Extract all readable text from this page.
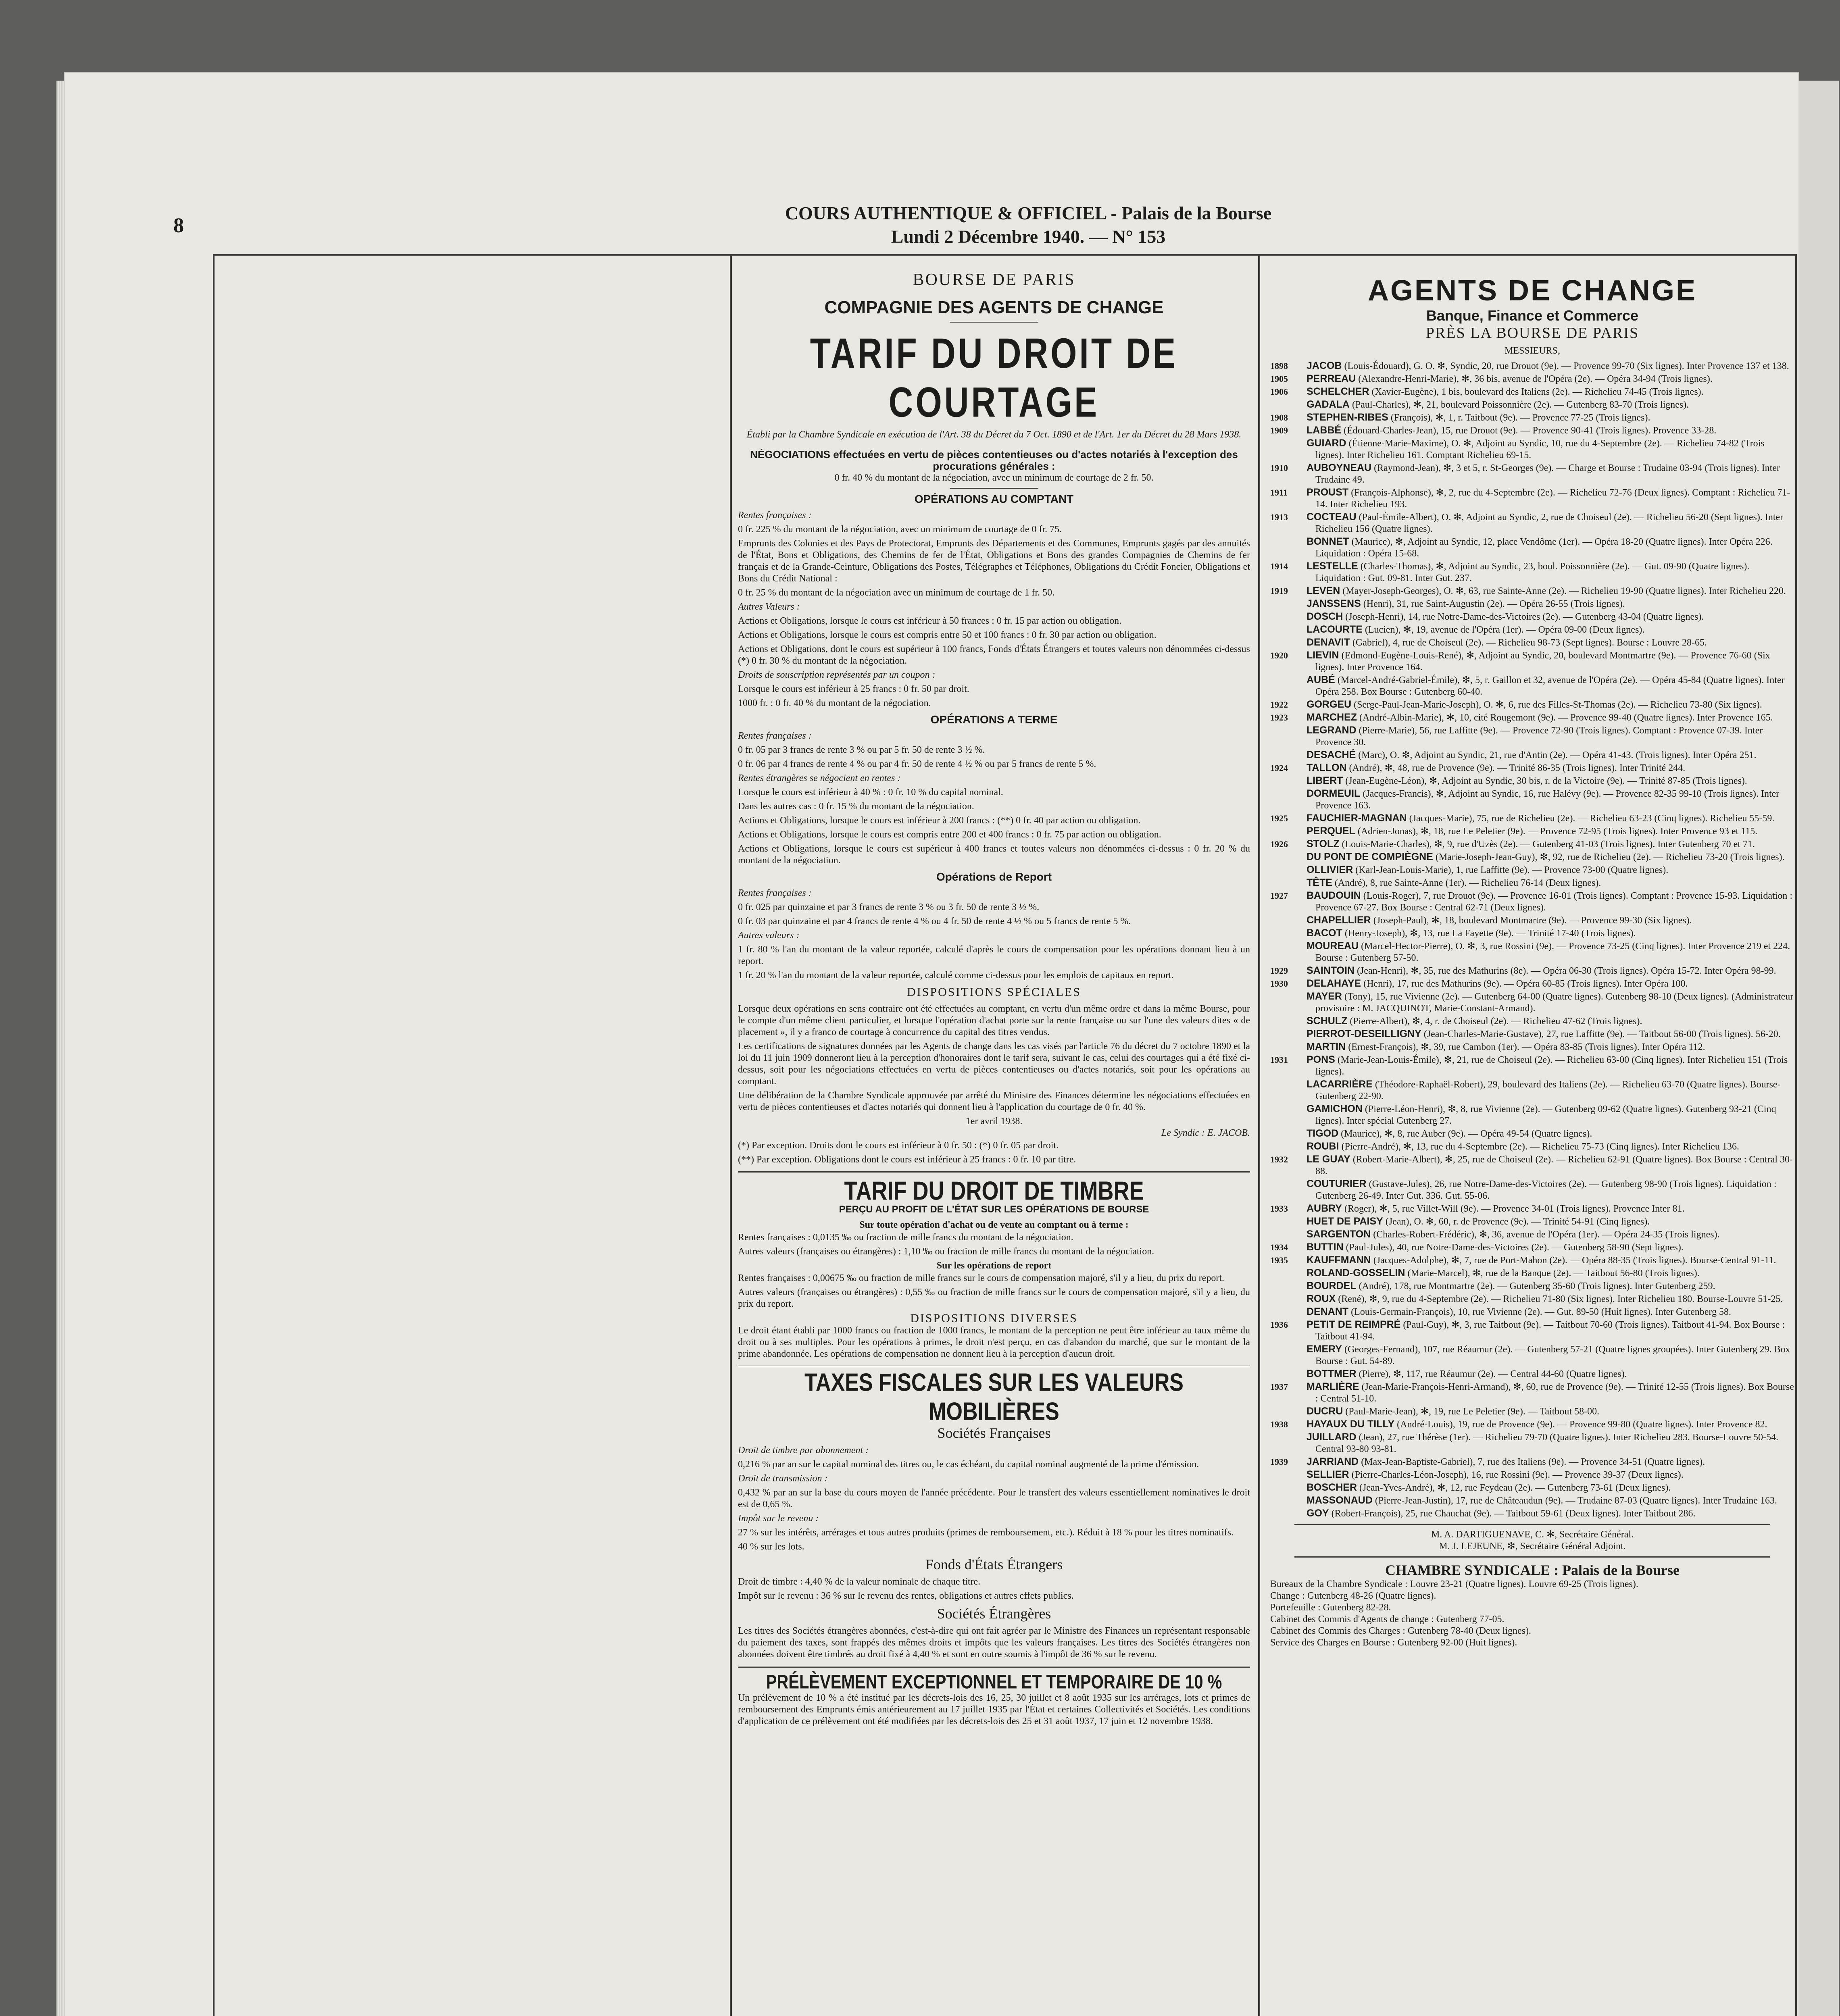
8
COURS AUTHENTIQUE & OFFICIEL - Palais de la Bourse
Lundi 2 Décembre 1940. — N° 153
BOURSE DE PARIS
COMPAGNIE DES AGENTS DE CHANGE
TARIF DU DROIT DE COURTAGE
Établi par la Chambre Syndicale en exécution de l'Art. 38 du Décret du 7 Oct. 1890 et de l'Art. 1er du Décret du 28 Mars 1938.
NÉGOCIATIONS effectuées en vertu de pièces contentieuses ou d'actes notariés à l'exception des procurations générales :
0 fr. 40 % du montant de la négociation, avec un minimum de courtage de 2 fr. 50.
OPÉRATIONS AU COMPTANT
Rentes françaises :
0 fr. 225 % du montant de la négociation, avec un minimum de courtage de 0 fr. 75.
Emprunts des Colonies et des Pays de Protectorat, Emprunts des Départements et des Communes, Emprunts gagés par des annuités de l'État, Bons et Obligations, des Chemins de fer de l'État, Obligations et Bons des grandes Compagnies de Chemins de fer français et de la Grande-Ceinture, Obligations des Postes, Télégraphes et Téléphones, Obligations du Crédit Foncier, Obligations et Bons du Crédit National :
0 fr. 25 % du montant de la négociation avec un minimum de courtage de 1 fr. 50.
Autres Valeurs :
Actions et Obligations, lorsque le cours est inférieur à 50 frances : 0 fr. 15 par action ou obligation.
Actions et Obligations, lorsque le cours est compris entre 50 et 100 francs : 0 fr. 30 par action ou obligation.
Actions et Obligations, dont le cours est supérieur à 100 francs, Fonds d'États Étrangers et toutes valeurs non dénommées ci-dessus (*) 0 fr. 30 % du montant de la négociation.
Droits de souscription représentés par un coupon :
Lorsque le cours est inférieur à 25 francs : 0 fr. 50 par droit.
1000 fr. : 0 fr. 40 % du montant de la négociation.
OPÉRATIONS A TERME
Rentes françaises :
0 fr. 05 par 3 francs de rente 3 % ou par 5 fr. 50 de rente 3 ½ %.
0 fr. 06 par 4 francs de rente 4 % ou par 4 fr. 50 de rente 4 ½ % ou par 5 francs de rente 5 %.
Rentes étrangères se négocient en rentes :
Lorsque le cours est inférieur à 40 % : 0 fr. 10 % du capital nominal.
Dans les autres cas : 0 fr. 15 % du montant de la négociation.
Actions et Obligations, lorsque le cours est inférieur à 200 francs : (**) 0 fr. 40 par action ou obligation.
Actions et Obligations, lorsque le cours est compris entre 200 et 400 francs : 0 fr. 75 par action ou obligation.
Actions et Obligations, lorsque le cours est supérieur à 400 francs et toutes valeurs non dénommées ci-dessus : 0 fr. 20 % du montant de la négociation.
Opérations de Report
Rentes françaises :
0 fr. 025 par quinzaine et par 3 francs de rente 3 % ou 3 fr. 50 de rente 3 ½ %.
0 fr. 03 par quinzaine et par 4 francs de rente 4 % ou 4 fr. 50 de rente 4 ½ % ou 5 francs de rente 5 %.
Autres valeurs :
1 fr. 80 % l'an du montant de la valeur reportée, calculé d'après le cours de compensation pour les opérations donnant lieu à un report.
1 fr. 20 % l'an du montant de la valeur reportée, calculé comme ci-dessus pour les emplois de capitaux en report.
DISPOSITIONS SPÉCIALES
Lorsque deux opérations en sens contraire ont été effectuées au comptant, en vertu d'un même ordre et dans la même Bourse, pour le compte d'un même client particulier, et lorsque l'opération d'achat porte sur la rente française ou sur l'une des valeurs dites « de placement », il y a franco de courtage à concurrence du capital des titres vendus.
Les certifications de signatures données par les Agents de change dans les cas visés par l'article 76 du décret du 7 octobre 1890 et la loi du 11 juin 1909 donneront lieu à la perception d'honoraires dont le tarif sera, suivant le cas, celui des courtages qui a été fixé ci-dessus, soit pour les négociations effectuées en vertu de pièces contentieuses ou d'actes notariés, soit pour les opérations au comptant.
Une délibération de la Chambre Syndicale approuvée par arrêté du Ministre des Finances détermine les négociations effectuées en vertu de pièces contentieuses et d'actes notariés qui donnent lieu à l'application du courtage de 0 fr. 40 %.
1er avril 1938.
Le Syndic : E. JACOB.
(*) Par exception. Droits dont le cours est inférieur à 0 fr. 50 : (*) 0 fr. 05 par droit.
(**) Par exception. Obligations dont le cours est inférieur à 25 francs : 0 fr. 10 par titre.
TARIF DU DROIT DE TIMBRE
PERÇU AU PROFIT DE L'ÉTAT SUR LES OPÉRATIONS DE BOURSE
Sur toute opération d'achat ou de vente au comptant ou à terme :
Rentes françaises : 0,0135 ‰ ou fraction de mille francs du montant de la négociation.
Autres valeurs (françaises ou étrangères) : 1,10 ‰ ou fraction de mille francs du montant de la négociation.
Sur les opérations de report
Rentes françaises : 0,00675 ‰ ou fraction de mille francs sur le cours de compensation majoré, s'il y a lieu, du prix du report.
Autres valeurs (françaises ou étrangères) : 0,55 ‰ ou fraction de mille francs sur le cours de compensation majoré, s'il y a lieu, du prix du report.
DISPOSITIONS DIVERSES
Le droit étant établi par 1000 francs ou fraction de 1000 francs, le montant de la perception ne peut être inférieur au taux même du droit ou à ses multiples. Pour les opérations à primes, le droit n'est perçu, en cas d'abandon du marché, que sur le montant de la prime abandonnée. Les opérations de compensation ne donnent lieu à la perception d'aucun droit.
TAXES FISCALES SUR LES VALEURS MOBILIÈRES
Sociétés Françaises
Droit de timbre par abonnement :
0,216 % par an sur le capital nominal des titres ou, le cas échéant, du capital nominal augmenté de la prime d'émission.
Droit de transmission :
0,432 % par an sur la base du cours moyen de l'année précédente. Pour le transfert des valeurs essentiellement nominatives le droit est de 0,65 %.
Impôt sur le revenu :
27 % sur les intérêts, arrérages et tous autres produits (primes de remboursement, etc.). Réduit à 18 % pour les titres nominatifs.
40 % sur les lots.
Fonds d'États Étrangers
Droit de timbre : 4,40 % de la valeur nominale de chaque titre.
Impôt sur le revenu : 36 % sur le revenu des rentes, obligations et autres effets publics.
Sociétés Étrangères
Les titres des Sociétés étrangères abonnées, c'est-à-dire qui ont fait agréer par le Ministre des Finances un représentant responsable du paiement des taxes, sont frappés des mêmes droits et impôts que les valeurs françaises. Les titres des Sociétés étrangères non abonnées doivent être timbrés au droit fixé à 4,40 % et sont en outre soumis à l'impôt de 36 % sur le revenu.
PRÉLÈVEMENT EXCEPTIONNEL ET TEMPORAIRE DE 10 %
Un prélèvement de 10 % a été institué par les décrets-lois des 16, 25, 30 juillet et 8 août 1935 sur les arrérages, lots et primes de remboursement des Emprunts émis antérieurement au 17 juillet 1935 par l'État et certaines Collectivités et Sociétés. Les conditions d'application de ce prélèvement ont été modifiées par les décrets-lois des 25 et 31 août 1937, 17 juin et 12 novembre 1938.
AGENTS DE CHANGE
Banque, Finance et Commerce
PRÈS LA BOURSE DE PARIS
MESSIEURS,
1898 JACOB (Louis-Édouard), G. O. ✻, Syndic, 20, rue Drouot (9e). — Provence 99-70 (Six lignes). Inter Provence 137 et 138.
1905 PERREAU (Alexandre-Henri-Marie), ✻, 36 bis, avenue de l'Opéra (2e). — Opéra 34-94 (Trois lignes).
1906 SCHELCHER (Xavier-Eugène), 1 bis, boulevard des Italiens (2e). — Richelieu 74-45 (Trois lignes).
GADALA (Paul-Charles), ✻, 21, boulevard Poissonnière (2e). — Gutenberg 83-70 (Trois lignes).
1908 STEPHEN-RIBES (François), ✻, 1, r. Taitbout (9e). — Provence 77-25 (Trois lignes).
1909 LABBÉ (Édouard-Charles-Jean), 15, rue Drouot (9e). — Provence 90-41 (Trois lignes). Provence 33-28.
GUIARD (Étienne-Marie-Maxime), O. ✻, Adjoint au Syndic, 10, rue du 4-Septembre (2e). — Richelieu 74-82 (Trois lignes). Inter Richelieu 161. Comptant Richelieu 69-15.
1910 AUBOYNEAU (Raymond-Jean), ✻, 3 et 5, r. St-Georges (9e). — Charge et Bourse : Trudaine 03-94 (Trois lignes). Inter Trudaine 49.
1911 PROUST (François-Alphonse), ✻, 2, rue du 4-Septembre (2e). — Richelieu 72-76 (Deux lignes). Comptant : Richelieu 71-14. Inter Richelieu 193.
1913 COCTEAU (Paul-Émile-Albert), O. ✻, Adjoint au Syndic, 2, rue de Choiseul (2e). — Richelieu 56-20 (Sept lignes). Inter Richelieu 156 (Quatre lignes).
BONNET (Maurice), ✻, Adjoint au Syndic, 12, place Vendôme (1er). — Opéra 18-20 (Quatre lignes). Inter Opéra 226. Liquidation : Opéra 15-68.
1914 LESTELLE (Charles-Thomas), ✻, Adjoint au Syndic, 23, boul. Poissonnière (2e). — Gut. 09-90 (Quatre lignes). Liquidation : Gut. 09-81. Inter Gut. 237.
1919 LEVEN (Mayer-Joseph-Georges), O. ✻, 63, rue Sainte-Anne (2e). — Richelieu 19-90 (Quatre lignes). Inter Richelieu 220.
JANSSENS (Henri), 31, rue Saint-Augustin (2e). — Opéra 26-55 (Trois lignes).
DOSCH (Joseph-Henri), 14, rue Notre-Dame-des-Victoires (2e). — Gutenberg 43-04 (Quatre lignes).
LACOURTE (Lucien), ✻, 19, avenue de l'Opéra (1er). — Opéra 09-00 (Deux lignes).
DENAVIT (Gabriel), 4, rue de Choiseul (2e). — Richelieu 98-73 (Sept lignes). Bourse : Louvre 28-65.
1920 LIEVIN (Edmond-Eugène-Louis-René), ✻, Adjoint au Syndic, 20, boulevard Montmartre (9e). — Provence 76-60 (Six lignes). Inter Provence 164.
AUBÉ (Marcel-André-Gabriel-Émile), ✻, 5, r. Gaillon et 32, avenue de l'Opéra (2e). — Opéra 45-84 (Quatre lignes). Inter Opéra 258. Box Bourse : Gutenberg 60-40.
1922 GORGEU (Serge-Paul-Jean-Marie-Joseph), O. ✻, 6, rue des Filles-St-Thomas (2e). — Richelieu 73-80 (Six lignes).
1923 MARCHEZ (André-Albin-Marie), ✻, 10, cité Rougemont (9e). — Provence 99-40 (Quatre lignes). Inter Provence 165.
LEGRAND (Pierre-Marie), 56, rue Laffitte (9e). — Provence 72-90 (Trois lignes). Comptant : Provence 07-39. Inter Provence 30.
DESACHÉ (Marc), O. ✻, Adjoint au Syndic, 21, rue d'Antin (2e). — Opéra 41-43. (Trois lignes). Inter Opéra 251.
1924 TALLON (André), ✻, 48, rue de Provence (9e). — Trinité 86-35 (Trois lignes). Inter Trinité 244.
LIBERT (Jean-Eugène-Léon), ✻, Adjoint au Syndic, 30 bis, r. de la Victoire (9e). — Trinité 87-85 (Trois lignes).
DORMEUIL (Jacques-Francis), ✻, Adjoint au Syndic, 16, rue Halévy (9e). — Provence 82-35 99-10 (Trois lignes). Inter Provence 163.
1925 FAUCHIER-MAGNAN (Jacques-Marie), 75, rue de Richelieu (2e). — Richelieu 63-23 (Cinq lignes). Richelieu 55-59.
PERQUEL (Adrien-Jonas), ✻, 18, rue Le Peletier (9e). — Provence 72-95 (Trois lignes). Inter Provence 93 et 115.
1926 STOLZ (Louis-Marie-Charles), ✻, 9, rue d'Uzès (2e). — Gutenberg 41-03 (Trois lignes). Inter Gutenberg 70 et 71.
DU PONT DE COMPIÈGNE (Marie-Joseph-Jean-Guy), ✻, 92, rue de Richelieu (2e). — Richelieu 73-20 (Trois lignes).
OLLIVIER (Karl-Jean-Louis-Marie), 1, rue Laffitte (9e). — Provence 73-00 (Quatre lignes).
TÊTE (André), 8, rue Sainte-Anne (1er). — Richelieu 76-14 (Deux lignes).
1927 BAUDOUIN (Louis-Roger), 7, rue Drouot (9e). — Provence 16-01 (Trois lignes). Comptant : Provence 15-93. Liquidation : Provence 67-27. Box Bourse : Central 62-71 (Deux lignes).
CHAPELLIER (Joseph-Paul), ✻, 18, boulevard Montmartre (9e). — Provence 99-30 (Six lignes).
BACOT (Henry-Joseph), ✻, 13, rue La Fayette (9e). — Trinité 17-40 (Trois lignes).
MOUREAU (Marcel-Hector-Pierre), O. ✻, 3, rue Rossini (9e). — Provence 73-25 (Cinq lignes). Inter Provence 219 et 224. Bourse : Gutenberg 57-50.
1929 SAINTOIN (Jean-Henri), ✻, 35, rue des Mathurins (8e). — Opéra 06-30 (Trois lignes). Opéra 15-72. Inter Opéra 98-99.
1930 DELAHAYE (Henri), 17, rue des Mathurins (9e). — Opéra 60-85 (Trois lignes). Inter Opéra 100.
MAYER (Tony), 15, rue Vivienne (2e). — Gutenberg 64-00 (Quatre lignes). Gutenberg 98-10 (Deux lignes). (Administrateur provisoire : M. JACQUINOT, Marie-Constant-Armand).
SCHULZ (Pierre-Albert), ✻, 4, r. de Choiseul (2e). — Richelieu 47-62 (Trois lignes).
PIERROT-DESEILLIGNY (Jean-Charles-Marie-Gustave), 27, rue Laffitte (9e). — Taitbout 56-00 (Trois lignes). 56-20.
MARTIN (Ernest-François), ✻, 39, rue Cambon (1er). — Opéra 83-85 (Trois lignes). Inter Opéra 112.
1931 PONS (Marie-Jean-Louis-Émile), ✻, 21, rue de Choiseul (2e). — Richelieu 63-00 (Cinq lignes). Inter Richelieu 151 (Trois lignes).
LACARRIÈRE (Théodore-Raphaël-Robert), 29, boulevard des Italiens (2e). — Richelieu 63-70 (Quatre lignes). Bourse-Gutenberg 22-90.
GAMICHON (Pierre-Léon-Henri), ✻, 8, rue Vivienne (2e). — Gutenberg 09-62 (Quatre lignes). Gutenberg 93-21 (Cinq lignes). Inter spécial Gutenberg 27.
TIGOD (Maurice), ✻, 8, rue Auber (9e). — Opéra 49-54 (Quatre lignes).
ROUBI (Pierre-André), ✻, 13, rue du 4-Septembre (2e). — Richelieu 75-73 (Cinq lignes). Inter Richelieu 136.
1932 LE GUAY (Robert-Marie-Albert), ✻, 25, rue de Choiseul (2e). — Richelieu 62-91 (Quatre lignes). Box Bourse : Central 30-88.
COUTURIER (Gustave-Jules), 26, rue Notre-Dame-des-Victoires (2e). — Gutenberg 98-90 (Trois lignes). Liquidation : Gutenberg 26-49. Inter Gut. 336. Gut. 55-06.
1933 AUBRY (Roger), ✻, 5, rue Villet-Will (9e). — Provence 34-01 (Trois lignes). Provence Inter 81.
HUET DE PAISY (Jean), O. ✻, 60, r. de Provence (9e). — Trinité 54-91 (Cinq lignes).
SARGENTON (Charles-Robert-Frédéric), ✻, 36, avenue de l'Opéra (1er). — Opéra 24-35 (Trois lignes).
1934 BUTTIN (Paul-Jules), 40, rue Notre-Dame-des-Victoires (2e). — Gutenberg 58-90 (Sept lignes).
1935 KAUFFMANN (Jacques-Adolphe), ✻, 7, rue de Port-Mahon (2e). — Opéra 88-35 (Trois lignes). Bourse-Central 91-11.
ROLAND-GOSSELIN (Marie-Marcel), ✻, rue de la Banque (2e). — Taitbout 56-80 (Trois lignes).
BOURDEL (André), 178, rue Montmartre (2e). — Gutenberg 35-60 (Trois lignes). Inter Gutenberg 259.
ROUX (René), ✻, 9, rue du 4-Septembre (2e). — Richelieu 71-80 (Six lignes). Inter Richelieu 180. Bourse-Louvre 51-25.
DENANT (Louis-Germain-François), 10, rue Vivienne (2e). — Gut. 89-50 (Huit lignes). Inter Gutenberg 58.
1936 PETIT DE REIMPRÉ (Paul-Guy), ✻, 3, rue Taitbout (9e). — Taitbout 70-60 (Trois lignes). Taitbout 41-94. Box Bourse : Taitbout 41-94.
EMERY (Georges-Fernand), 107, rue Réaumur (2e). — Gutenberg 57-21 (Quatre lignes groupées). Inter Gutenberg 29. Box Bourse : Gut. 54-89.
BOTTMER (Pierre), ✻, 117, rue Réaumur (2e). — Central 44-60 (Quatre lignes).
1937 MARLIÈRE (Jean-Marie-François-Henri-Armand), ✻, 60, rue de Provence (9e). — Trinité 12-55 (Trois lignes). Box Bourse : Central 51-10.
DUCRU (Paul-Marie-Jean), ✻, 19, rue Le Peletier (9e). — Taitbout 58-00.
1938 HAYAUX DU TILLY (André-Louis), 19, rue de Provence (9e). — Provence 99-80 (Quatre lignes). Inter Provence 82.
JUILLARD (Jean), 27, rue Thérèse (1er). — Richelieu 79-70 (Quatre lignes). Inter Richelieu 283. Bourse-Louvre 50-54. Central 93-80 93-81.
1939 JARRIAND (Max-Jean-Baptiste-Gabriel), 7, rue des Italiens (9e). — Provence 34-51 (Quatre lignes).
SELLIER (Pierre-Charles-Léon-Joseph), 16, rue Rossini (9e). — Provence 39-37 (Deux lignes).
BOSCHER (Jean-Yves-André), ✻, 12, rue Feydeau (2e). — Gutenberg 73-61 (Deux lignes).
MASSONAUD (Pierre-Jean-Justin), 17, rue de Châteaudun (9e). — Trudaine 87-03 (Quatre lignes). Inter Trudaine 163.
GOY (Robert-François), 25, rue Chauchat (9e). — Taitbout 59-61 (Deux lignes). Inter Taitbout 286.
M. A. DARTIGUENAVE, C. ✻, Secrétaire Général.
M. J. LEJEUNE, ✻, Secrétaire Général Adjoint.
CHAMBRE SYNDICALE : Palais de la Bourse
Bureaux de la Chambre Syndicale : Louvre 23-21 (Quatre lignes). Louvre 69-25 (Trois lignes).
Change : Gutenberg 48-26 (Quatre lignes).
Portefeuille : Gutenberg 82-28.
Cabinet des Commis d'Agents de change : Gutenberg 77-05.
Cabinet des Commis des Charges : Gutenberg 78-40 (Deux lignes).
Service des Charges en Bourse : Gutenberg 92-00 (Huit lignes).
